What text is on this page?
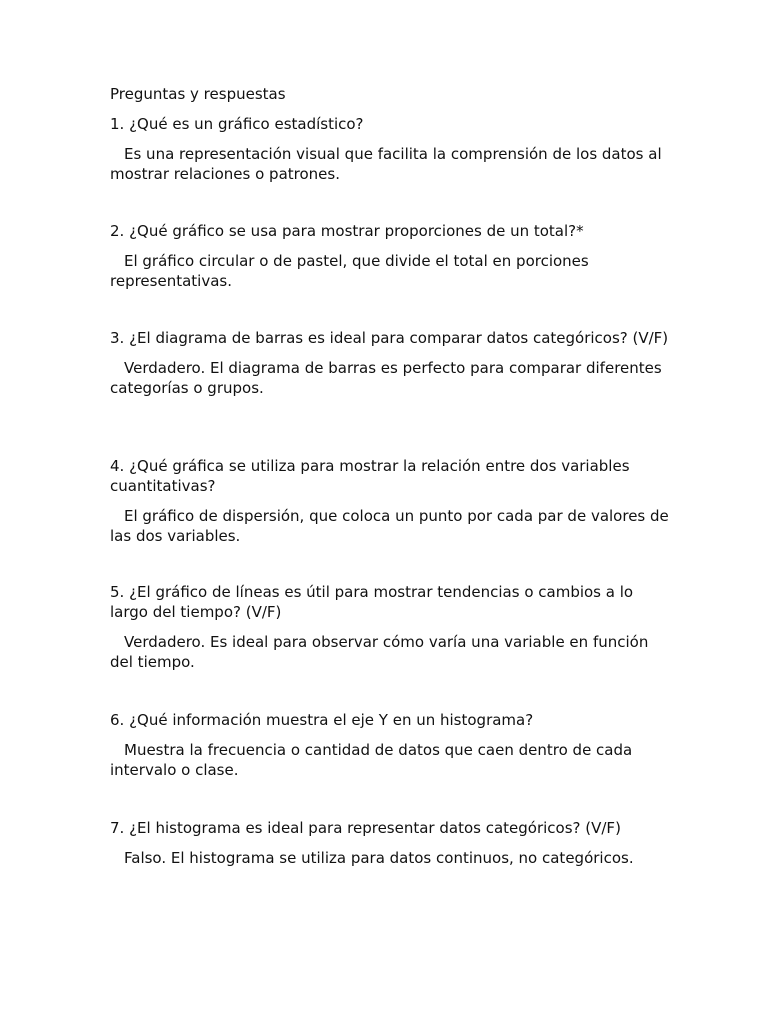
Preguntas y respuestas

1. ¿Qué es un gráfico estadístico?

Es una representación visual que facilita la comprensión de los datos al mostrar relaciones o patrones.

2. ¿Qué gráfico se usa para mostrar proporciones de un total?*

El gráfico circular o de pastel, que divide el total en porciones representativas.

3. ¿El diagrama de barras es ideal para comparar datos categóricos? (V/F)

Verdadero. El diagrama de barras es perfecto para comparar diferentes categorías o grupos.

4. ¿Qué gráfica se utiliza para mostrar la relación entre dos variables cuantitativas?

El gráfico de dispersión, que coloca un punto por cada par de valores de las dos variables.

5. ¿El gráfico de líneas es útil para mostrar tendencias o cambios a lo largo del tiempo? (V/F)

Verdadero. Es ideal para observar cómo varía una variable en función del tiempo.

6. ¿Qué información muestra el eje Y en un histograma?

Muestra la frecuencia o cantidad de datos que caen dentro de cada intervalo o clase.

7. ¿El histograma es ideal para representar datos categóricos? (V/F)

Falso. El histograma se utiliza para datos continuos, no categóricos.
